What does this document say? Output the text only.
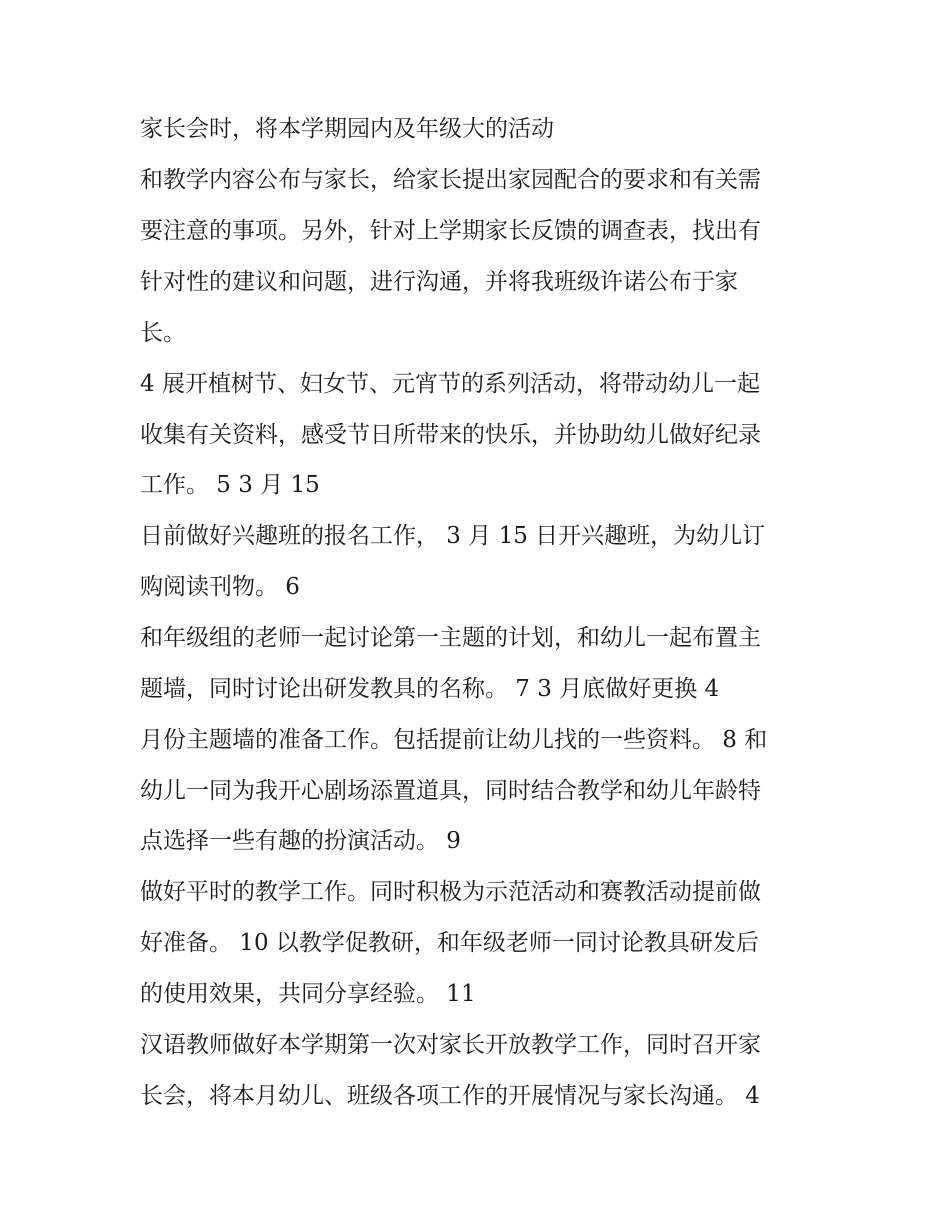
家长会时，将本学期园内及年级大的活动
和教学内容公布与家长，给家长提出家园配合的要求和有关需
要注意的事项。另外，针对上学期家长反馈的调查表，找出有
针对性的建议和问题，进行沟通，并将我班级许诺公布于家
长。
4 展开植树节、妇女节、元宵节的系列活动，将带动幼儿一起
收集有关资料，感受节日所带来的快乐，并协助幼儿做好纪录
工作。 5 3 月 15
日前做好兴趣班的报名工作， 3 月 15 日开兴趣班，为幼儿订
购阅读刊物。 6
和年级组的老师一起讨论第一主题的计划，和幼儿一起布置主
题墙，同时讨论出研发教具的名称。 7 3 月底做好更换 4
月份主题墙的准备工作。包括提前让幼儿找的一些资料。 8 和
幼儿一同为我开心剧场添置道具，同时结合教学和幼儿年龄特
点选择一些有趣的扮演活动。 9
做好平时的教学工作。同时积极为示范活动和赛教活动提前做
好准备。 10 以教学促教研，和年级老师一同讨论教具研发后
的使用效果，共同分享经验。 11
汉语教师做好本学期第一次对家长开放教学工作，同时召开家
长会，将本月幼儿、班级各项工作的开展情况与家长沟通。 4
